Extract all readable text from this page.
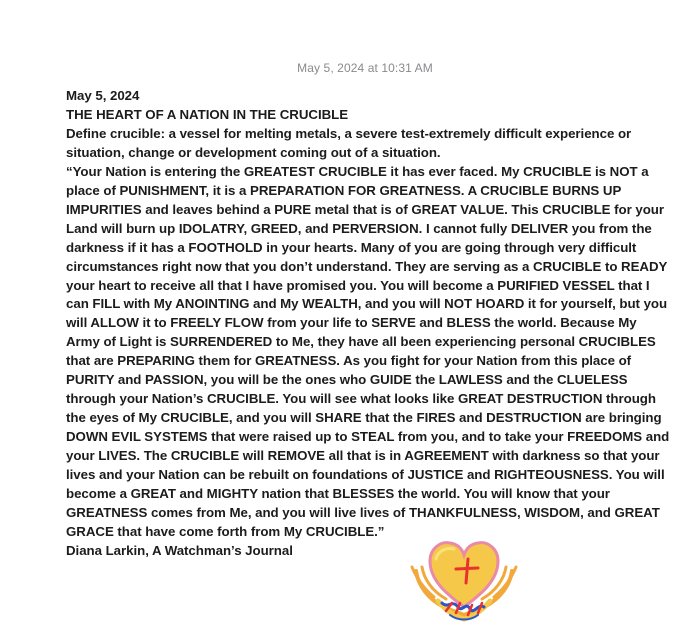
May 5, 2024 at 10:31 AM
May 5, 2024
THE HEART OF A NATION IN THE CRUCIBLE
Define crucible: a vessel for melting metals, a severe test-extremely difficult experience or situation, change or development coming out of a situation.
“Your Nation is entering the GREATEST CRUCIBLE it has ever faced. My CRUCIBLE is NOT a place of PUNISHMENT, it is a PREPARATION FOR GREATNESS. A CRUCIBLE BURNS UP IMPURITIES and leaves behind a PURE metal that is of GREAT VALUE. This CRUCIBLE for your Land will burn up IDOLATRY, GREED, and PERVERSION. I cannot fully DELIVER you from the darkness if it has a FOOTHOLD in your hearts. Many of you are going through very difficult circumstances right now that you don’t understand. They are serving as a CRUCIBLE to READY your heart to receive all that I have promised you. You will become a PURIFIED VESSEL that I can FILL with My ANOINTING and My WEALTH, and you will NOT HOARD it for yourself, but you will ALLOW it to FREELY FLOW from your life to SERVE and BLESS the world. Because My Army of Light is SURRENDERED to Me, they have all been experiencing personal CRUCIBLES that are PREPARING them for GREATNESS. As you fight for your Nation from this place of PURITY and PASSION, you will be the ones who GUIDE the LAWLESS and the CLUELESS through your Nation’s CRUCIBLE. You will see what looks like GREAT DESTRUCTION through the eyes of My CRUCIBLE, and you will SHARE that the FIRES and DESTRUCTION are bringing DOWN EVIL SYSTEMS that were raised up to STEAL from you, and to take your FREEDOMS and your LIVES. The CRUCIBLE will REMOVE all that is in AGREEMENT with darkness so that your lives and your Nation can be rebuilt on foundations of JUSTICE and RIGHTEOUSNESS. You will become a GREAT and MIGHTY nation that BLESSES the world. You will know that your GREATNESS comes from Me, and you will live lives of THANKFULNESS, WISDOM, and GREAT GRACE that have come forth from My CRUCIBLE.”
Diana Larkin, A Watchman’s Journal
